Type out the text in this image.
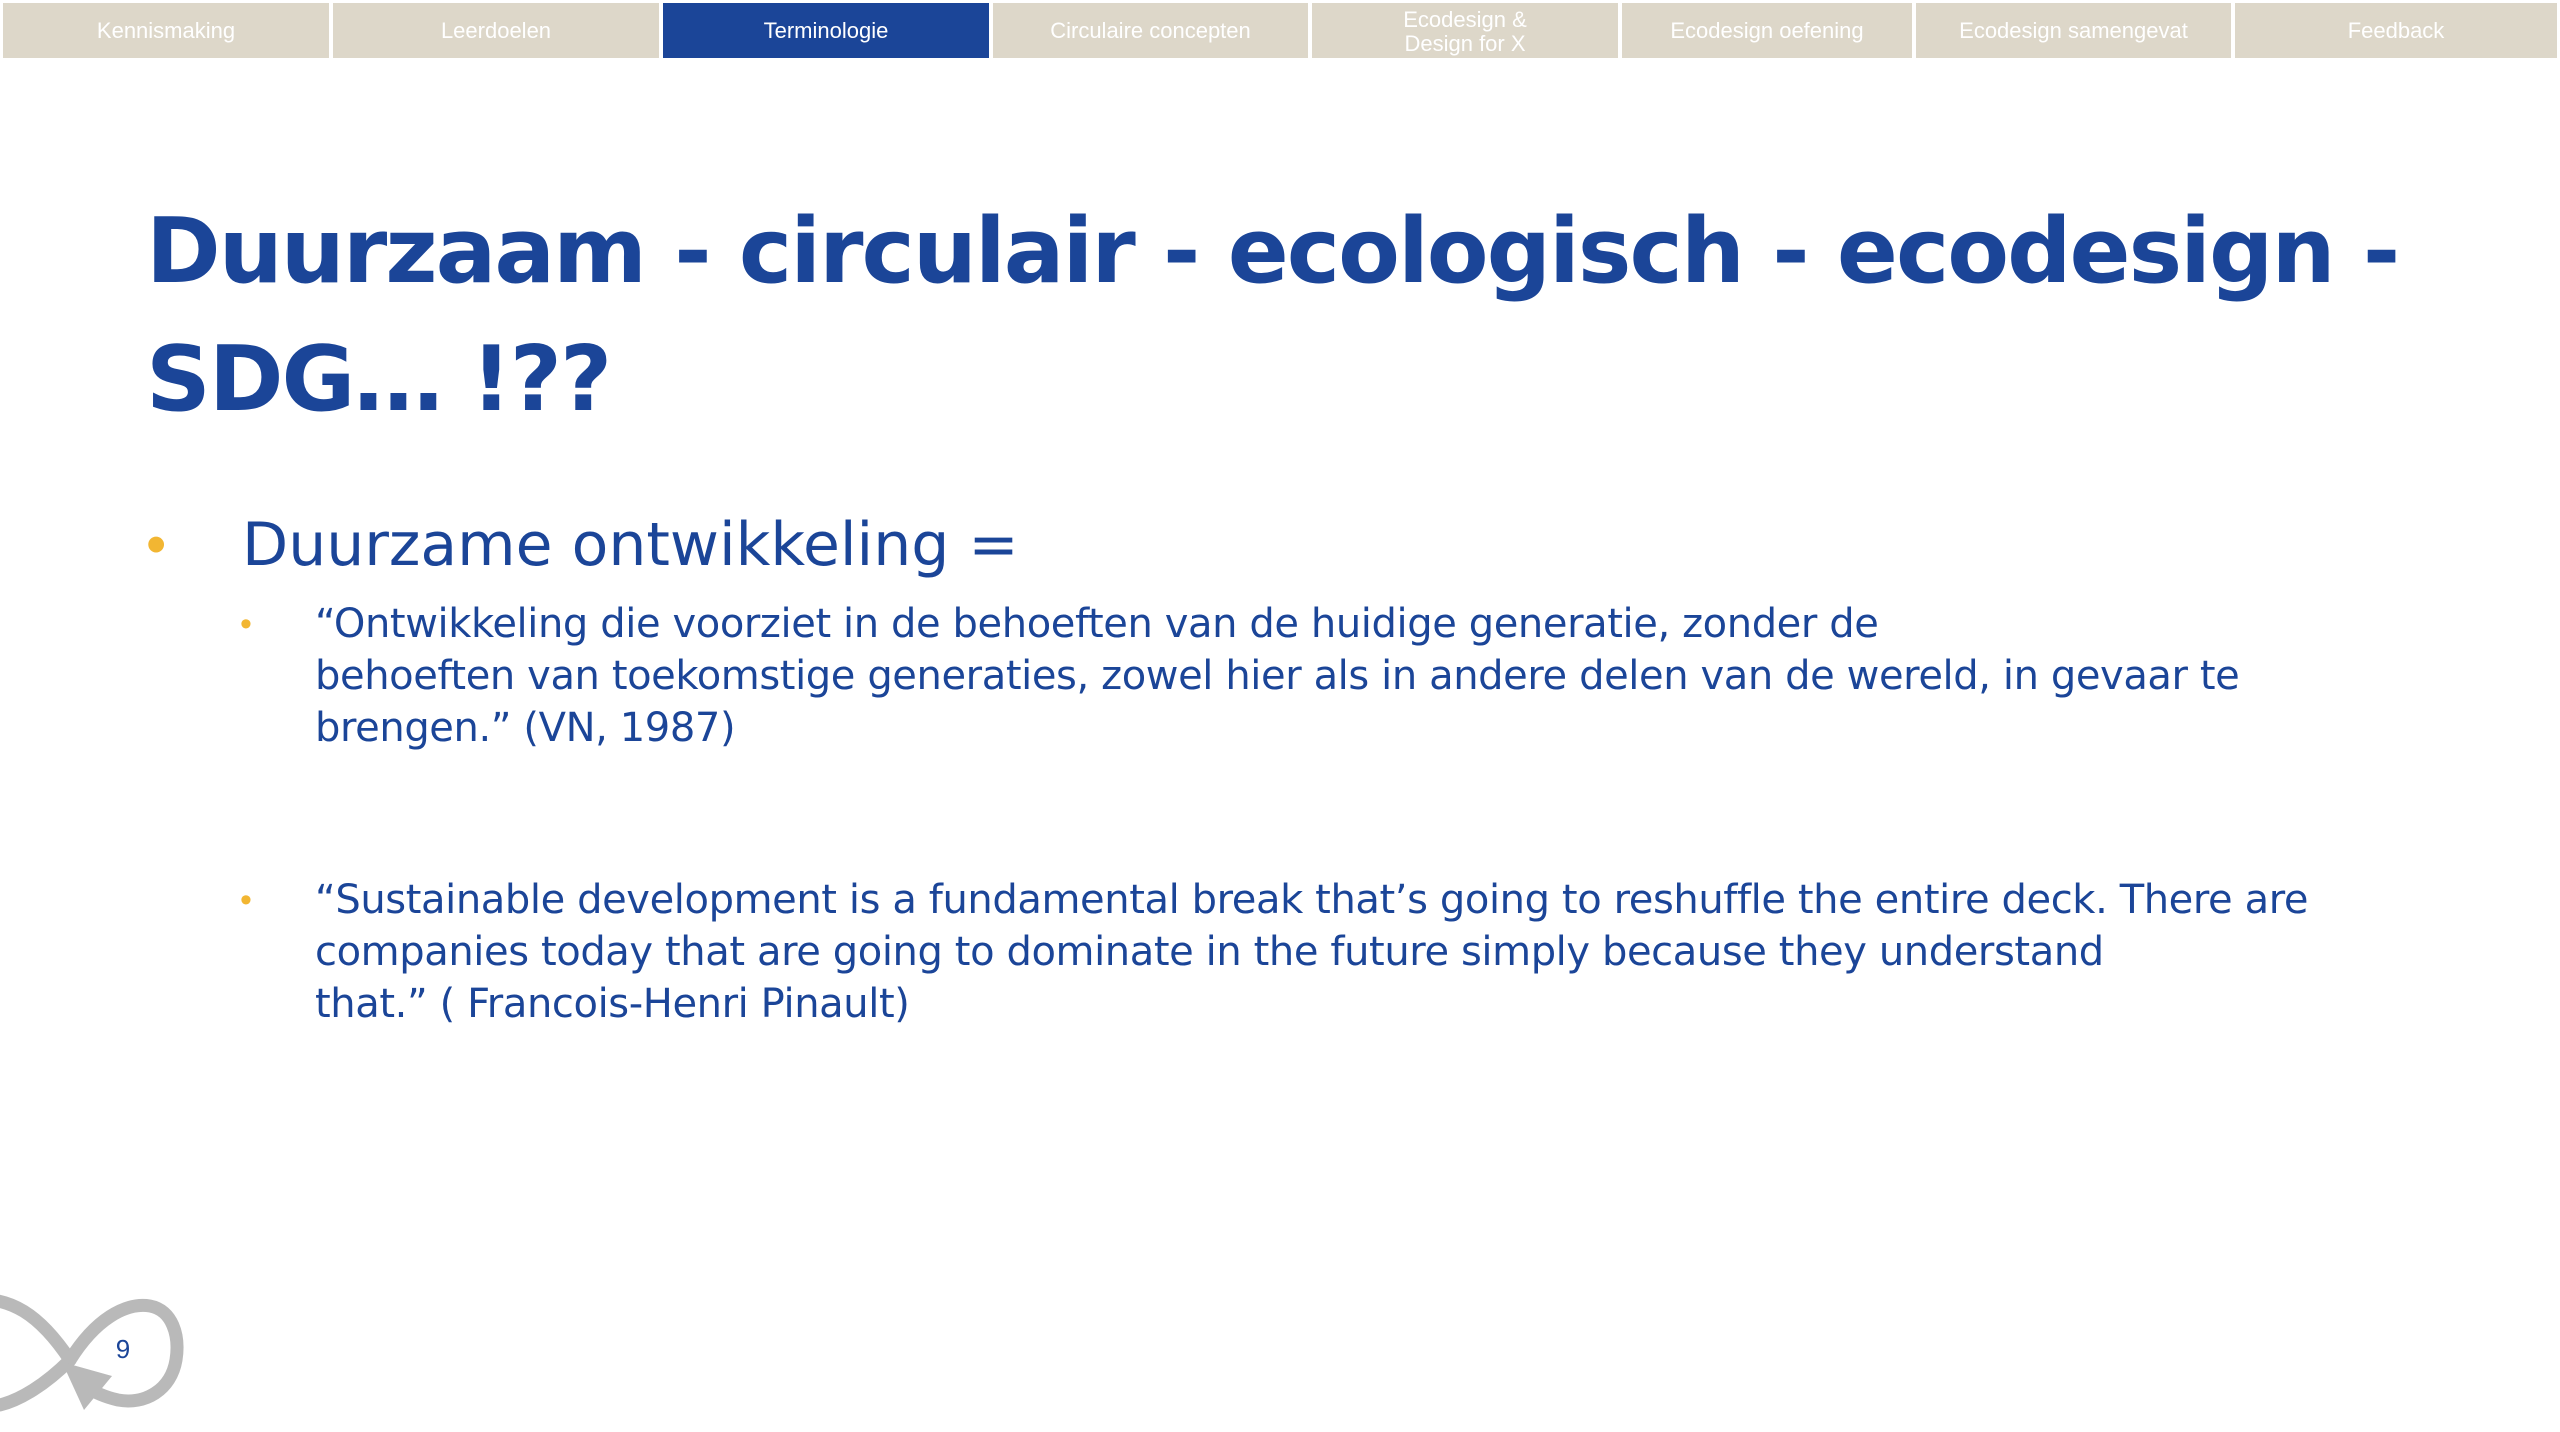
Kennismaking	Leerdoelen	Terminologie	Circulaire concepten	Ecodesign &
Design for X	Ecodesign oefening	Ecodesign samengevat	Feedback
Duurzaam - circulair - ecologisch - ecodesign -
SDG… !??
• Duurzame ontwikkeling =
• “Ontwikkeling die voorziet in de behoeften van de huidige generatie, zonder de
behoeften van toekomstige generaties, zowel hier als in andere delen van de wereld, in gevaar te
brengen.” (VN, 1987)

• “Sustainable development is a fundamental break that’s going to reshuffle the entire deck. There are
companies today that are going to dominate in the future simply because they understand
that.” ( Francois-Henri Pinault)

9
